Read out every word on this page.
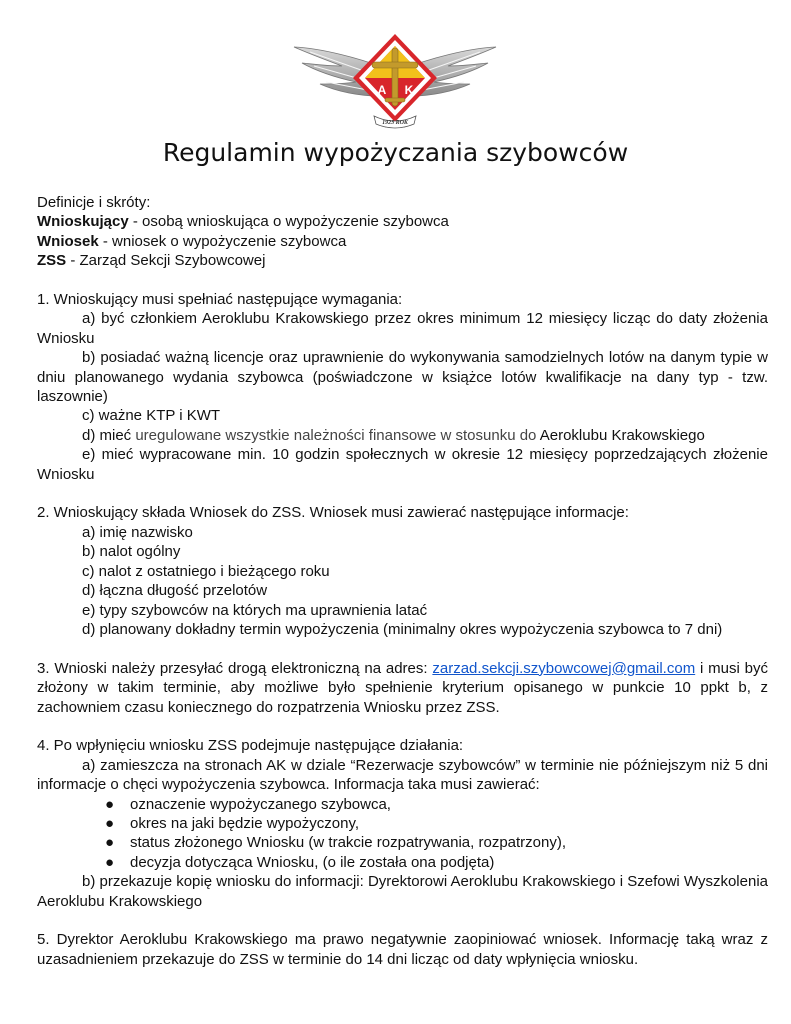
A K
1923 ROK
Regulamin wypożyczania szybowców
Definicje i skróty:
Wnioskujący - osobą wnioskująca o wypożyczenie szybowca
Wniosek - wniosek o wypożyczenie szybowca
ZSS - Zarząd Sekcji Szybowcowej
1. Wnioskujący musi spełniać następujące wymagania:
a) być członkiem Aeroklubu Krakowskiego przez okres minimum 12 miesięcy licząc do daty złożenia Wniosku
b) posiadać ważną licencje oraz uprawnienie do wykonywania samodzielnych lotów na danym typie w dniu planowanego wydania szybowca (poświadczone w książce lotów kwalifikacje na dany typ - tzw. laszownie)
c) ważne KTP i KWT
d) mieć uregulowane wszystkie należności finansowe w stosunku do Aeroklubu Krakowskiego
e) mieć wypracowane min. 10 godzin społecznych w okresie 12 miesięcy poprzedzających złożenie Wniosku
2. Wnioskujący składa Wniosek do ZSS. Wniosek musi zawierać następujące informacje:
a) imię nazwisko
b) nalot ogólny
c) nalot z ostatniego i bieżącego roku
d) łączna długość przelotów
e) typy szybowców na których ma uprawnienia latać
d) planowany dokładny termin wypożyczenia (minimalny okres wypożyczenia szybowca to 7 dni)
3. Wnioski należy przesyłać drogą elektroniczną na adres: zarzad.sekcji.szybowcowej@gmail.com i musi być złożony w takim terminie, aby możliwe było spełnienie kryterium opisanego w punkcie 10 ppkt b, z zachowniem czasu koniecznego do rozpatrzenia Wniosku przez ZSS.
4. Po wpłynięciu wniosku ZSS podejmuje następujące działania:
a) zamieszcza na stronach AK w dziale “Rezerwacje szybowców” w terminie nie późniejszym niż 5 dni informacje o chęci wypożyczenia szybowca. Informacja taka musi zawierać:
● oznaczenie wypożyczanego szybowca,
● okres na jaki będzie wypożyczony,
● status złożonego Wniosku (w trakcie rozpatrywania, rozpatrzony),
● decyzja dotycząca Wniosku, (o ile została ona podjęta)
b) przekazuje kopię wniosku do informacji: Dyrektorowi Aeroklubu Krakowskiego i Szefowi Wyszkolenia Aeroklubu Krakowskiego
5. Dyrektor Aeroklubu Krakowskiego ma prawo negatywnie zaopiniować wniosek. Informację taką wraz z uzasadnieniem przekazuje do ZSS w terminie do 14 dni licząc od daty wpłynięcia wniosku.
